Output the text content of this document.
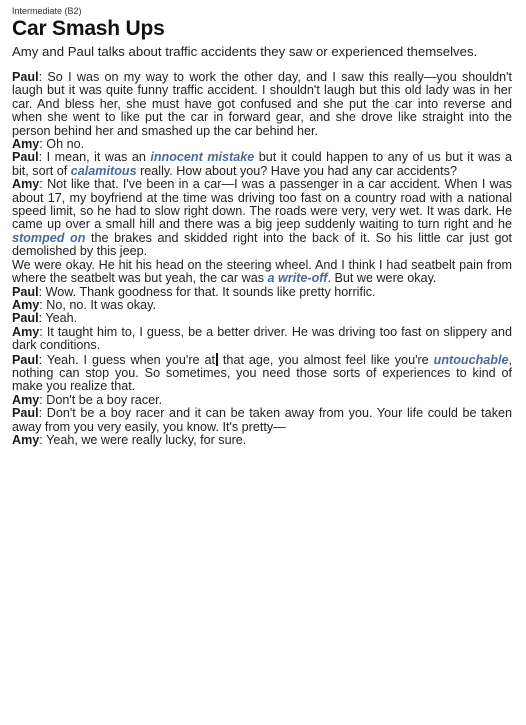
Intermediate (B2)
Car Smash Ups
Amy and Paul talks about traffic accidents they saw or experienced themselves.

Paul: So I was on my way to work the other day, and I saw this really—you shouldn't laugh but it was quite funny traffic accident. I shouldn't laugh but this old lady was in her car. And bless her, she must have got confused and she put the car into reverse and when she went to like put the car in forward gear, and she drove like straight into the person behind her and smashed up the car behind her.

Amy: Oh no.

Paul: I mean, it was an innocent mistake but it could happen to any of us but it was a bit, sort of calamitous really. How about you? Have you had any car accidents?

Amy: Not like that. I've been in a car—I was a passenger in a car accident. When I was about 17, my boyfriend at the time was driving too fast on a country road with a national speed limit, so he had to slow right down. The roads were very, very wet. It was dark. He came up over a small hill and there was a big jeep suddenly waiting to turn right and he stomped on the brakes and skidded right into the back of it. So his little car just got demolished by this jeep.

We were okay. He hit his head on the steering wheel. And I think I had seatbelt pain from where the seatbelt was but yeah, the car was a write-off. But we were okay.

Paul: Wow. Thank goodness for that. It sounds like pretty horrific.

Amy: No, no. It was okay.

Paul: Yeah.

Amy: It taught him to, I guess, be a better driver. He was driving too fast on slippery and dark conditions.

Paul: Yeah. I guess when you're at that age, you almost feel like you're untouchable, nothing can stop you. So sometimes, you need those sorts of experiences to kind of make you realize that.

Amy: Don't be a boy racer.

Paul: Don't be a boy racer and it can be taken away from you. Your life could be taken away from you very easily, you know. It's pretty—

Amy: Yeah, we were really lucky, for sure.
